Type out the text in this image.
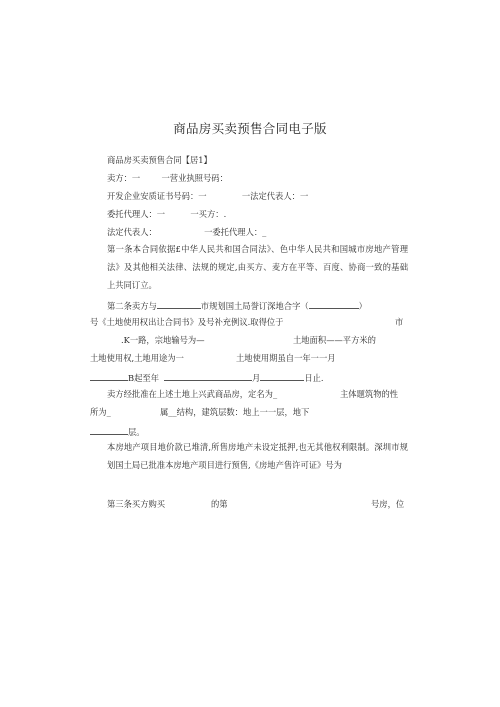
商品房买卖预售合同电子版
商品房买卖预售合同【居1】
卖方：一	一营业执照号码：
开发企业安质证书号码：一	一法定代表人：一
委托代理人：一	一买方：.
法定代表人：	一委托代理人：_
第一条本合同依据£中华人民共和国合同法》、色中华人民共和国城市房地产管理法》及其他相关法律、法规的规定,由买方、麦方在平等、百度、协商一致的基础上共同订立。
第二条卖方与	市规划国土局誉订深地合字（	）
号《土地使用权出让合同书》及号补充例议.取得位于	市
.K一路，宗地输号为—	土地面积——平方米的
土地使用权,土地用途为一	土地使用期虽自一年一一月
B起至年	月	日止.
卖方经批准在上述土地上兴武商品房，定名为_	主体题筑物的性
所为_	属__结构，建筑层数：地上一一层，地下
层。
本房地产项目地价款已堆清,所售房地产未设定抵押,也无其他权利限制。深圳市规划国土局已批准本房地产项目进行预售,《房地产售许可证》号为
第三条买方购买	的第	号房，位
